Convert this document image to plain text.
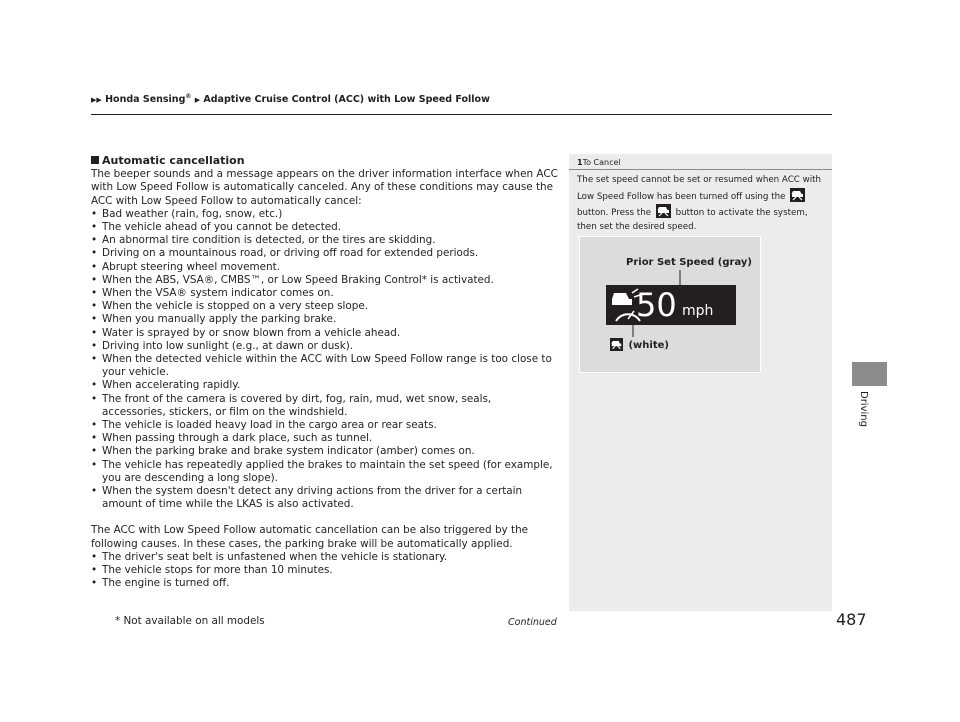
▶▶ Honda Sensing® ▶ Adaptive Cruise Control (ACC) with Low Speed Follow
Automatic cancellation

The beeper sounds and a message appears on the driver information interface when ACC with Low Speed Follow is automatically canceled. Any of these conditions may cause the ACC with Low Speed Follow to automatically cancel:

• Bad weather (rain, fog, snow, etc.)
• The vehicle ahead of you cannot be detected.
• An abnormal tire condition is detected, or the tires are skidding.
• Driving on a mountainous road, or driving off road for extended periods.
• Abrupt steering wheel movement.
• When the ABS, VSA®, CMBS™, or Low Speed Braking Control* is activated.
• When the VSA® system indicator comes on.
• When the vehicle is stopped on a very steep slope.
• When you manually apply the parking brake.
• Water is sprayed by or snow blown from a vehicle ahead.
• Driving into low sunlight (e.g., at dawn or dusk).
• When the detected vehicle within the ACC with Low Speed Follow range is too close to your vehicle.
• When accelerating rapidly.
• The front of the camera is covered by dirt, fog, rain, mud, wet snow, seals, accessories, stickers, or film on the windshield.
• The vehicle is loaded heavy load in the cargo area or rear seats.
• When passing through a dark place, such as tunnel.
• When the parking brake and brake system indicator (amber) comes on.
• The vehicle has repeatedly applied the brakes to maintain the set speed (for example, you are descending a long slope).
• When the system doesn't detect any driving actions from the driver for a certain amount of time while the LKAS is also activated.

The ACC with Low Speed Follow automatic cancellation can be also triggered by the following causes. In these cases, the parking brake will be automatically applied.

• The driver's seat belt is unfastened when the vehicle is stationary.
• The vehicle stops for more than 10 minutes.
• The engine is turned off.
1To Cancel
The set speed cannot be set or resumed when ACC with Low Speed Follow has been turned off using the
button. Press the	button to activate the system, then set the desired speed.
Prior Set Speed (gray)
50 mph
(white)
Driving
* Not available on all models	Continued	487
